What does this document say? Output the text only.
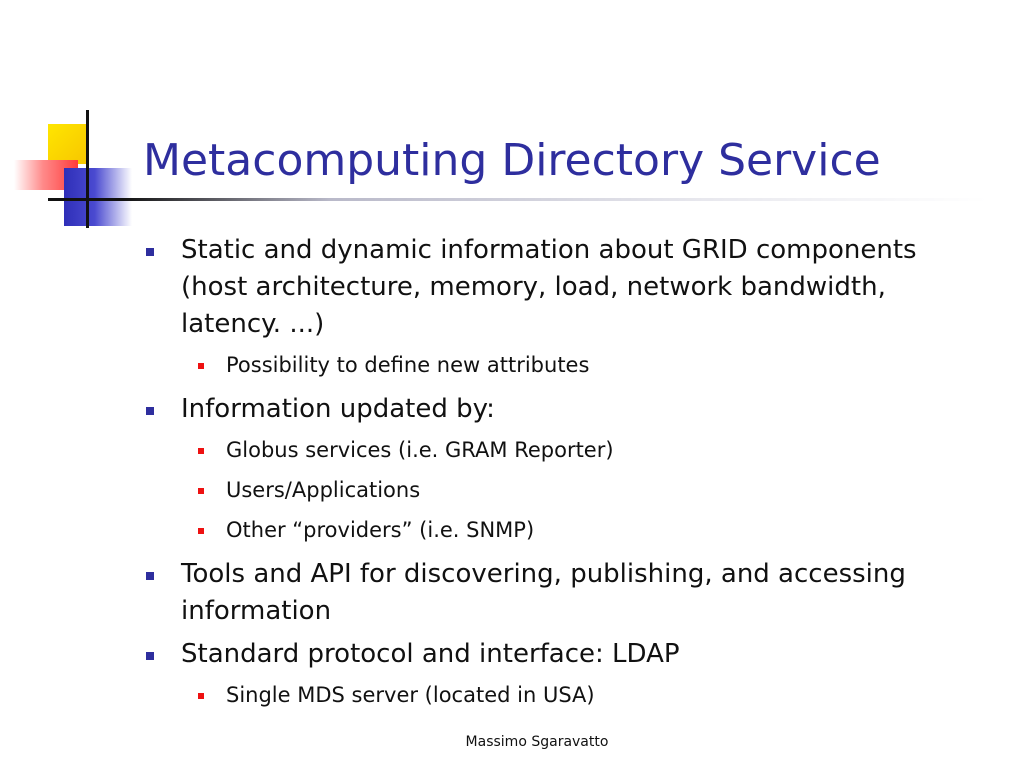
Metacomputing Directory Service
Static and dynamic information about GRID components (host architecture, memory, load, network bandwidth, latency. ...)
Possibility to define new attributes
Information updated by:
Globus services (i.e. GRAM Reporter)
Users/Applications
Other “providers” (i.e. SNMP)
Tools and API for discovering, publishing, and accessing information
Standard protocol and interface: LDAP
Single MDS server (located in USA)
Massimo Sgaravatto
